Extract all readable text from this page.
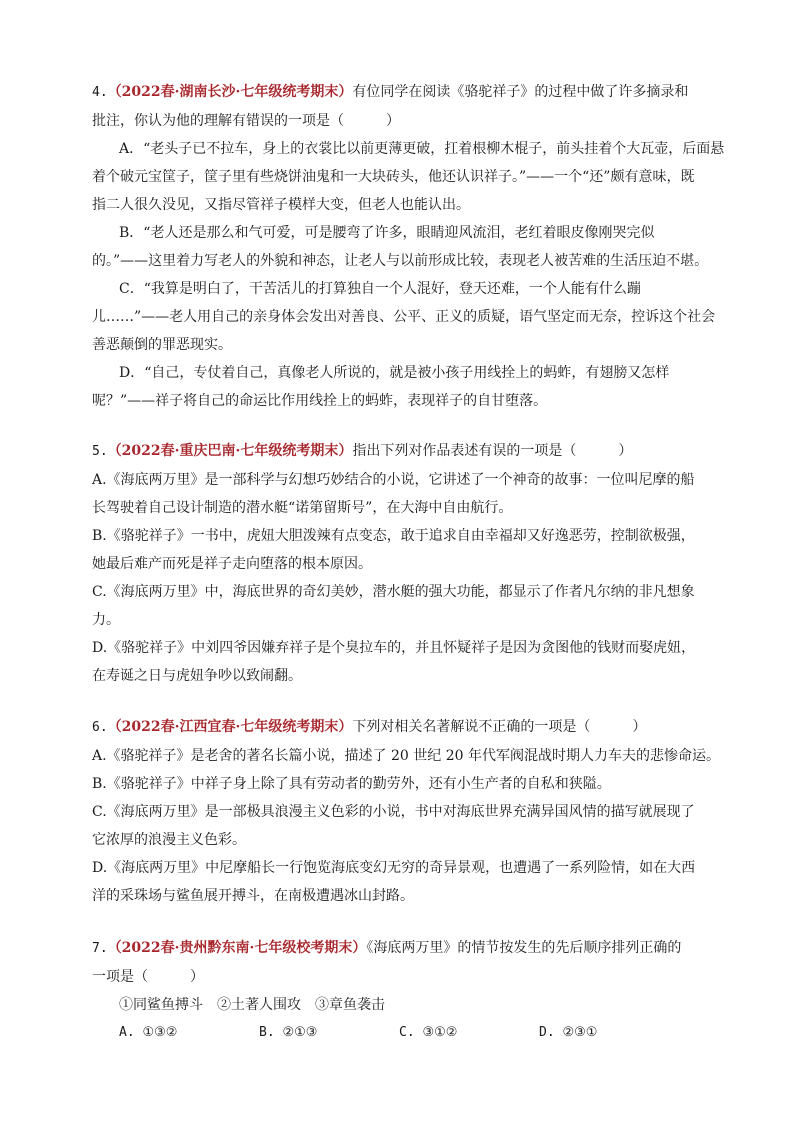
4.（2022春·湖南长沙·七年级统考期末）有位同学在阅读《骆驼祥子》的过程中做了许多摘录和
批注，你认为他的理解有错误的一项是（　　　）
A．“老头子已不拉车，身上的衣裳比以前更薄更破，扛着根柳木棍子，前头挂着个大瓦壶，后面悬
着个破元宝筐子，筐子里有些烧饼油鬼和一大块砖头，他还认识祥子。”——一个“还”颇有意味，既
指二人很久没见，又指尽管祥子模样大变，但老人也能认出。
B．“老人还是那么和气可爱，可是腰弯了许多，眼睛迎风流泪，老红着眼皮像刚哭完似
的。”——这里着力写老人的外貌和神态，让老人与以前形成比较，表现老人被苦难的生活压迫不堪。
C．“我算是明白了，干苦活儿的打算独自一个人混好，登天还难，一个人能有什么蹦
儿……”——老人用自己的亲身体会发出对善良、公平、正义的质疑，语气坚定而无奈，控诉这个社会
善恶颠倒的罪恶现实。
D．“自己，专仗着自己，真像老人所说的，就是被小孩子用线拴上的蚂蚱，有翅膀又怎样
呢？”——祥子将自己的命运比作用线拴上的蚂蚱，表现祥子的自甘堕落。
5.（2022春·重庆巴南·七年级统考期末）指出下列对作品表述有误的一项是（　　　）
A.《海底两万里》是一部科学与幻想巧妙结合的小说，它讲述了一个神奇的故事：一位叫尼摩的船
长驾驶着自己设计制造的潜水艇“诺第留斯号”，在大海中自由航行。
B.《骆驼祥子》一书中，虎妞大胆泼辣有点变态，敢于追求自由幸福却又好逸恶劳，控制欲极强，
她最后难产而死是祥子走向堕落的根本原因。
C.《海底两万里》中，海底世界的奇幻美妙，潜水艇的强大功能，都显示了作者凡尔纳的非凡想象
力。
D.《骆驼祥子》中刘四爷因嫌弃祥子是个臭拉车的，并且怀疑祥子是因为贪图他的钱财而娶虎妞，
在寿诞之日与虎妞争吵以致闹翻。
6.（2022春·江西宜春·七年级统考期末）下列对相关名著解说不正确的一项是（　　　）
A.《骆驼祥子》是老舍的著名长篇小说，描述了 20 世纪 20 年代军阀混战时期人力车夫的悲惨命运。
B.《骆驼祥子》中祥子身上除了具有劳动者的勤劳外，还有小生产者的自私和狭隘。
C.《海底两万里》是一部极具浪漫主义色彩的小说，书中对海底世界充满异国风情的描写就展现了
它浓厚的浪漫主义色彩。
D.《海底两万里》中尼摩船长一行饱览海底变幻无穷的奇异景观，也遭遇了一系列险情，如在大西
洋的采珠场与鲨鱼展开搏斗，在南极遭遇冰山封路。
7.（2022春·贵州黔东南·七年级校考期末）《海底两万里》的情节按发生的先后顺序排列正确的
一项是（　　　）
①同鲨鱼搏斗　②土著人围攻　③章鱼袭击
A. ①③②	B. ②①③	C. ③①②	D. ②③①
